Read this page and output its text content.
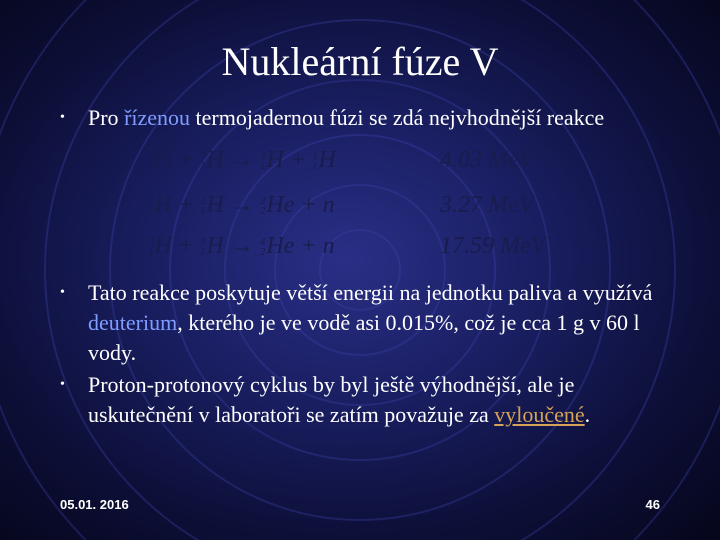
Nukleární fúze V
• Pro řízenou termojadernou fúzi se zdá nejvhodnější reakce
2
1 H + 2
1 H → 3
1 H + 1
1 H	4.03 MeV
2
1 H + 2
1 H → 3
2 He + n	3.27 MeV
2
1 H + 3
1 H → 4
2 He + n	17.59 MeV
• Tato reakce poskytuje větší energii na jednotku paliva a využívá deuterium, kterého je ve vodě asi 0.015%, což je cca 1 g v 60 l vody.
• Proton-protonový cyklus by byl ještě výhodnější, ale je uskutečnění v laboratoři se zatím považuje za vyloučené.
05.01. 2016	46
